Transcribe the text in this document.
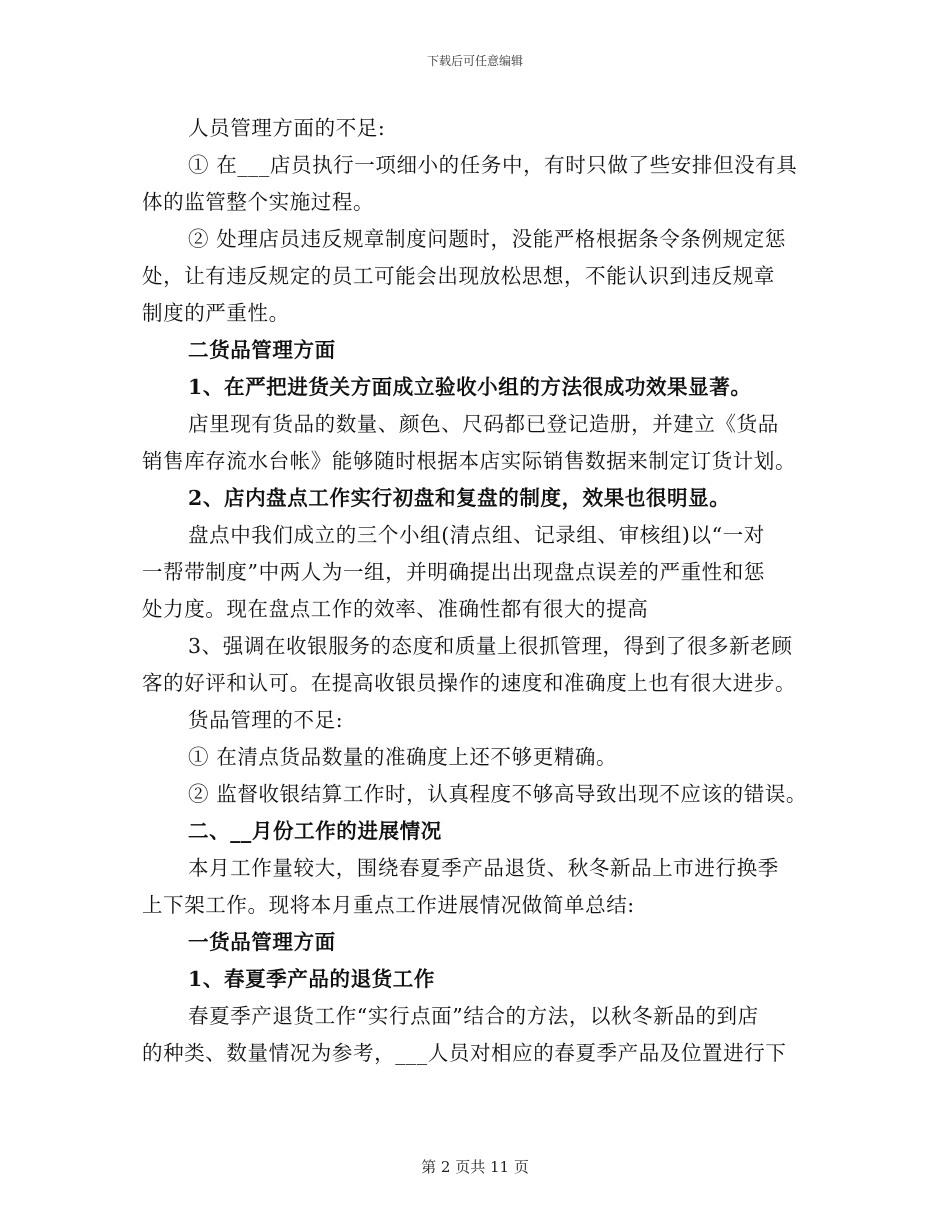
下载后可任意编辑
人员管理方面的不足:
① 在___店员执行一项细小的任务中，有时只做了些安排但没有具
体的监管整个实施过程。
② 处理店员违反规章制度问题时，没能严格根据条令条例规定惩
处，让有违反规定的员工可能会出现放松思想，不能认识到违反规章
制度的严重性。
二货品管理方面
1、在严把进货关方面成立验收小组的方法很成功效果显著。
店里现有货品的数量、颜色、尺码都已登记造册，并建立《货品
销售库存流水台帐》能够随时根据本店实际销售数据来制定订货计划。
2、店内盘点工作实行初盘和复盘的制度，效果也很明显。
盘点中我们成立的三个小组(清点组、记录组、审核组)以“一对
一帮带制度”中两人为一组，并明确提出出现盘点误差的严重性和惩
处力度。现在盘点工作的效率、准确性都有很大的提高
3、强调在收银服务的态度和质量上很抓管理，得到了很多新老顾
客的好评和认可。在提高收银员操作的速度和准确度上也有很大进步。
货品管理的不足:
① 在清点货品数量的准确度上还不够更精确。
② 监督收银结算工作时，认真程度不够高导致出现不应该的错误。
二、__月份工作的进展情况
本月工作量较大，围绕春夏季产品退货、秋冬新品上市进行换季
上下架工作。现将本月重点工作进展情况做简单总结:
一货品管理方面
1、春夏季产品的退货工作
春夏季产退货工作“实行点面”结合的方法，以秋冬新品的到店
的种类、数量情况为参考，___人员对相应的春夏季产品及位置进行下
第 2 页共 11 页
